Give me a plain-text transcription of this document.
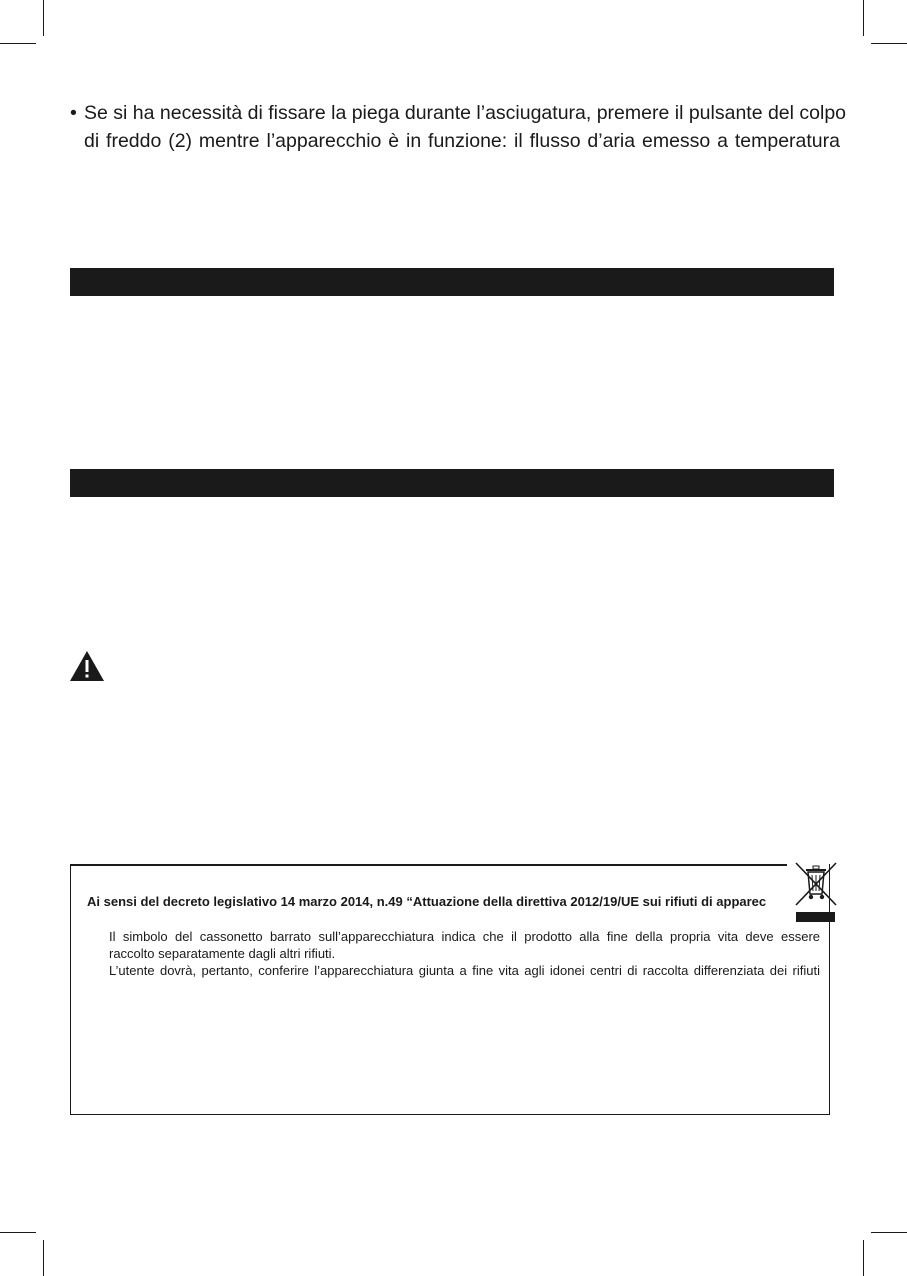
• Se si ha necessità di fissare la piega durante l’asciugatura, premere il pulsante del colpo
di freddo (2) mentre l’apparecchio è in funzione: il flusso d’aria emesso a temperatura
Ai sensi del decreto legislativo 14 marzo 2014, n.49 “Attuazione della direttiva 2012/19/UE sui rifiuti di apparec
Il simbolo del cassonetto barrato sull’apparecchiatura indica che il prodotto alla fine della propria vita deve essere
raccolto separatamente dagli altri rifiuti.
L’utente dovrà, pertanto, conferire l’apparecchiatura giunta a fine vita agli idonei centri di raccolta differenziata dei rifiuti
